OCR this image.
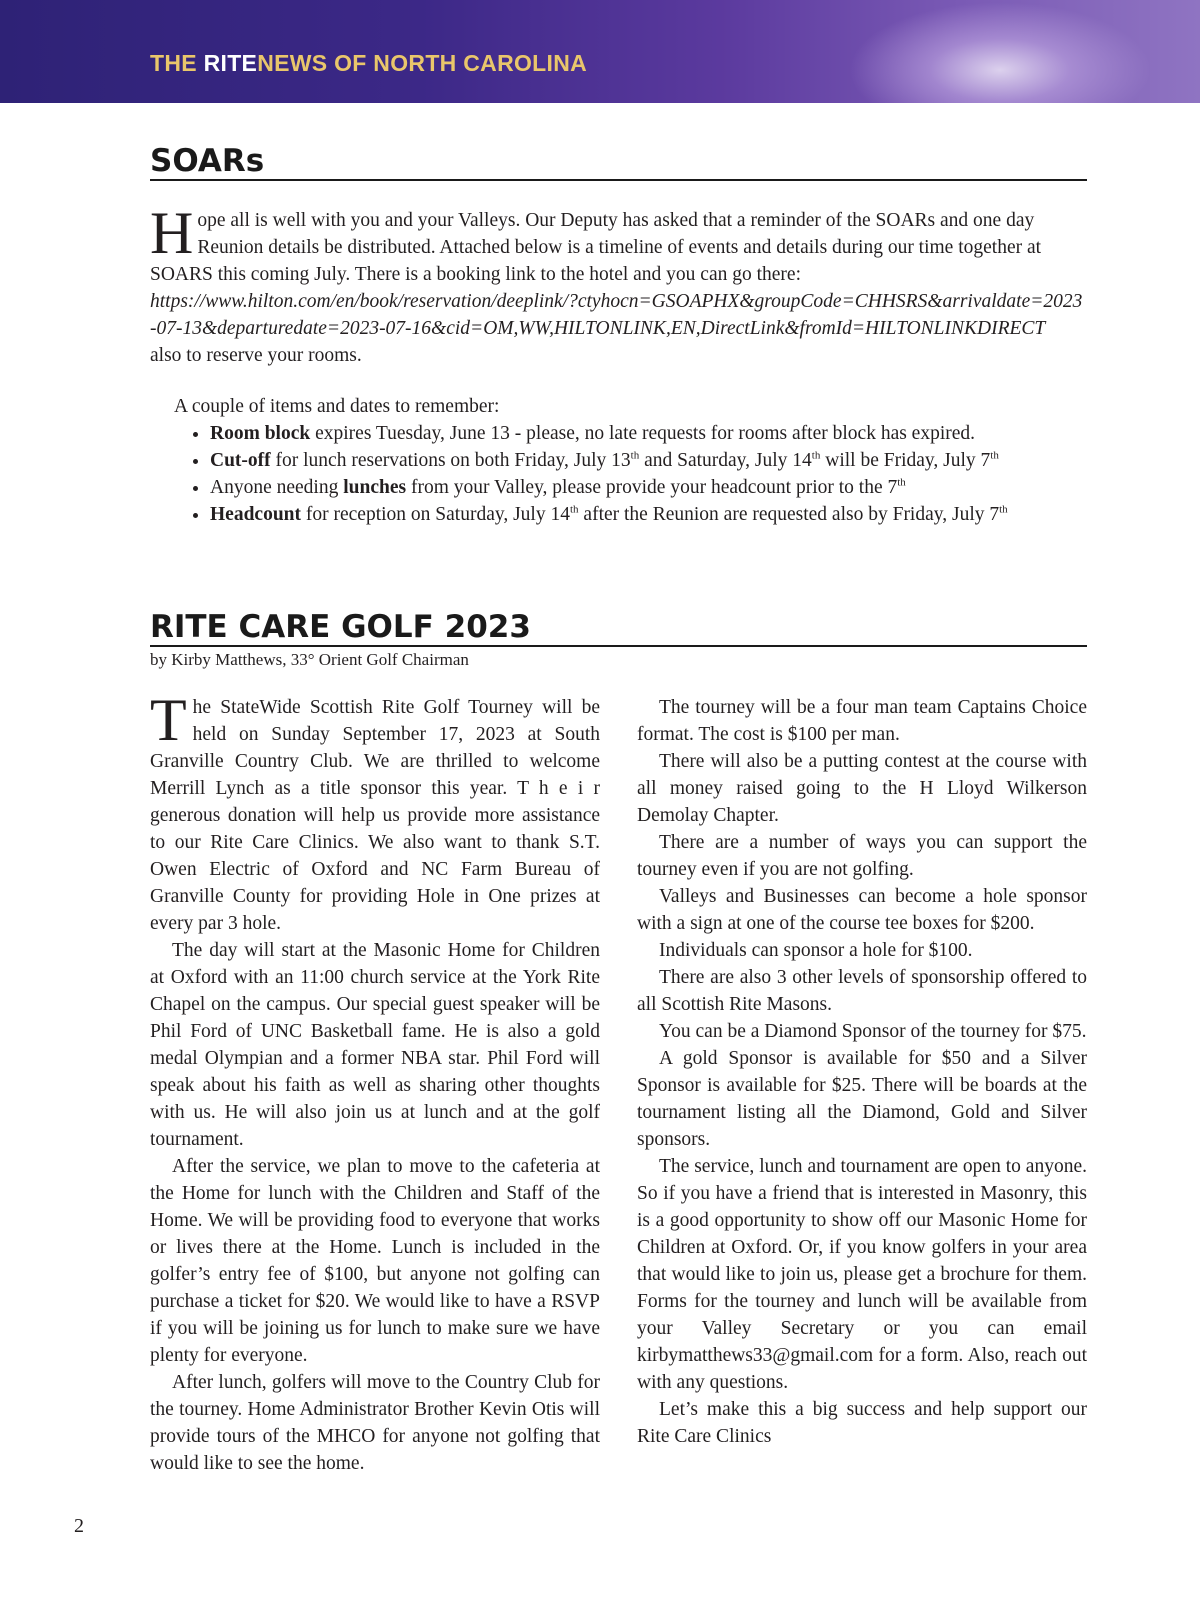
THE RITENEWS OF NORTH CAROLINA
SOARs

Hope all is well with you and your Valleys. Our Deputy has asked that a reminder of the SOARs and one day Reunion details be distributed. Attached below is a timeline of events and details during our time together at SOARS this coming July. There is a booking link to the hotel and you can go there:
https://www.hilton.com/en/book/reservation/deeplink/?ctyhocn=GSOAPHX&groupCode=CHHSRS&arrivaldate=2023-07-13&departuredate=2023-07-16&cid=OM,WW,HILTONLINK,EN,DirectLink&fromId=HILTONLINKDIRECT
also to reserve your rooms.

A couple of items and dates to remember:

• Room block expires Tuesday, June 13 - please, no late requests for rooms after block has expired.
• Cut-off for lunch reservations on both Friday, July 13th and Saturday, July 14th will be Friday, July 7th
• Anyone needing lunches from your Valley, please provide your headcount prior to the 7th
• Headcount for reception on Saturday, July 14th after the Reunion are requested also by Friday, July 7th
RITE CARE GOLF 2023

by Kirby Matthews, 33° Orient Golf Chairman

The StateWide Scottish Rite Golf Tourney will be held on Sunday September 17, 2023 at South Granville Country Club. We are thrilled to welcome Merrill Lynch as a title sponsor this year. T h e i r generous donation will help us provide more assistance to our Rite Care Clinics. We also want to thank S.T. Owen Electric of Oxford and NC Farm Bureau of Granville County for providing Hole in One prizes at every par 3 hole.

The day will start at the Masonic Home for Children at Oxford with an 11:00 church service at the York Rite Chapel on the campus. Our special guest speaker will be Phil Ford of UNC Basketball fame. He is also a gold medal Olympian and a former NBA star. Phil Ford will speak about his faith as well as sharing other thoughts with us. He will also join us at lunch and at the golf tournament.

After the service, we plan to move to the cafeteria at the Home for lunch with the Children and Staff of the Home. We will be providing food to everyone that works or lives there at the Home. Lunch is included in the golfer’s entry fee of $100, but anyone not golfing can purchase a ticket for $20. We would like to have a RSVP if you will be joining us for lunch to make sure we have plenty for everyone.

After lunch, golfers will move to the Country Club for the tourney. Home Administrator Brother Kevin Otis will provide tours of the MHCO for anyone not golfing that would like to see the home.

The tourney will be a four man team Captains Choice format. The cost is $100 per man.

There will also be a putting contest at the course with all money raised going to the H Lloyd Wilkerson Demolay Chapter.

There are a number of ways you can support the tourney even if you are not golfing.

Valleys and Businesses can become a hole sponsor with a sign at one of the course tee boxes for $200.

Individuals can sponsor a hole for $100.

There are also 3 other levels of sponsorship offered to all Scottish Rite Masons.

You can be a Diamond Sponsor of the tourney for $75.

A gold Sponsor is available for $50 and a Silver Sponsor is available for $25. There will be boards at the tournament listing all the Diamond, Gold and Silver sponsors.

The service, lunch and tournament are open to anyone. So if you have a friend that is interested in Masonry, this is a good opportunity to show off our Masonic Home for Children at Oxford. Or, if you know golfers in your area that would like to join us, please get a brochure for them. Forms for the tourney and lunch will be available from your Valley Secretary or you can email kirbymatthews33@gmail.com for a form. Also, reach out with any questions.

Let’s make this a big success and help support our Rite Care Clinics

2
